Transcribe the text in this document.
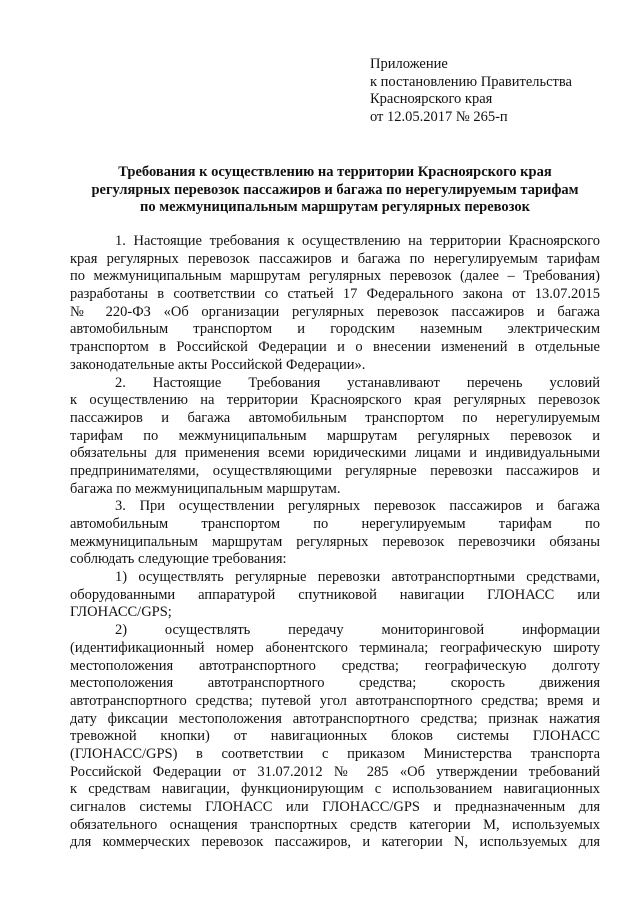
Приложение
к постановлению Правительства
Красноярского края
от 12.05.2017 № 265-п
Требования к осуществлению на территории Красноярского края
регулярных перевозок пассажиров и багажа по нерегулируемым тарифам
по межмуниципальным маршрутам регулярных перевозок
1. Настоящие требования к осуществлению на территории Красноярского
края регулярных перевозок пассажиров и багажа по нерегулируемым тарифам
по межмуниципальным маршрутам регулярных перевозок (далее – Требования)
разработаны в соответствии со статьей 17 Федерального закона от 13.07.2015
№ 220-ФЗ «Об организации регулярных перевозок пассажиров и багажа
автомобильным транспортом и городским наземным электрическим
транспортом в Российской Федерации и о внесении изменений в отдельные
законодательные акты Российской Федерации».
2. Настоящие Требования устанавливают перечень условий
к осуществлению на территории Красноярского края регулярных перевозок
пассажиров и багажа автомобильным транспортом по нерегулируемым
тарифам по межмуниципальным маршрутам регулярных перевозок и
обязательны для применения всеми юридическими лицами и индивидуальными
предпринимателями, осуществляющими регулярные перевозки пассажиров и
багажа по межмуниципальным маршрутам.
3. При осуществлении регулярных перевозок пассажиров и багажа
автомобильным транспортом по нерегулируемым тарифам по
межмуниципальным маршрутам регулярных перевозок перевозчики обязаны
соблюдать следующие требования:
1) осуществлять регулярные перевозки автотранспортными средствами,
оборудованными аппаратурой спутниковой навигации ГЛОНАСС или
ГЛОНАСС/GPS;
2) осуществлять передачу мониторинговой информации
(идентификационный номер абонентского терминала; географическую широту
местоположения автотранспортного средства; географическую долготу
местоположения автотранспортного средства; скорость движения
автотранспортного средства; путевой угол автотранспортного средства; время и
дату фиксации местоположения автотранспортного средства; признак нажатия
тревожной кнопки) от навигационных блоков системы ГЛОНАСС
(ГЛОНАСС/GPS) в соответствии с приказом Министерства транспорта
Российской Федерации от 31.07.2012 № 285 «Об утверждении требований
к средствам навигации, функционирующим с использованием навигационных
сигналов системы ГЛОНАСС или ГЛОНАСС/GPS и предназначенным для
обязательного оснащения транспортных средств категории М, используемых
для коммерческих перевозок пассажиров, и категории N, используемых для
